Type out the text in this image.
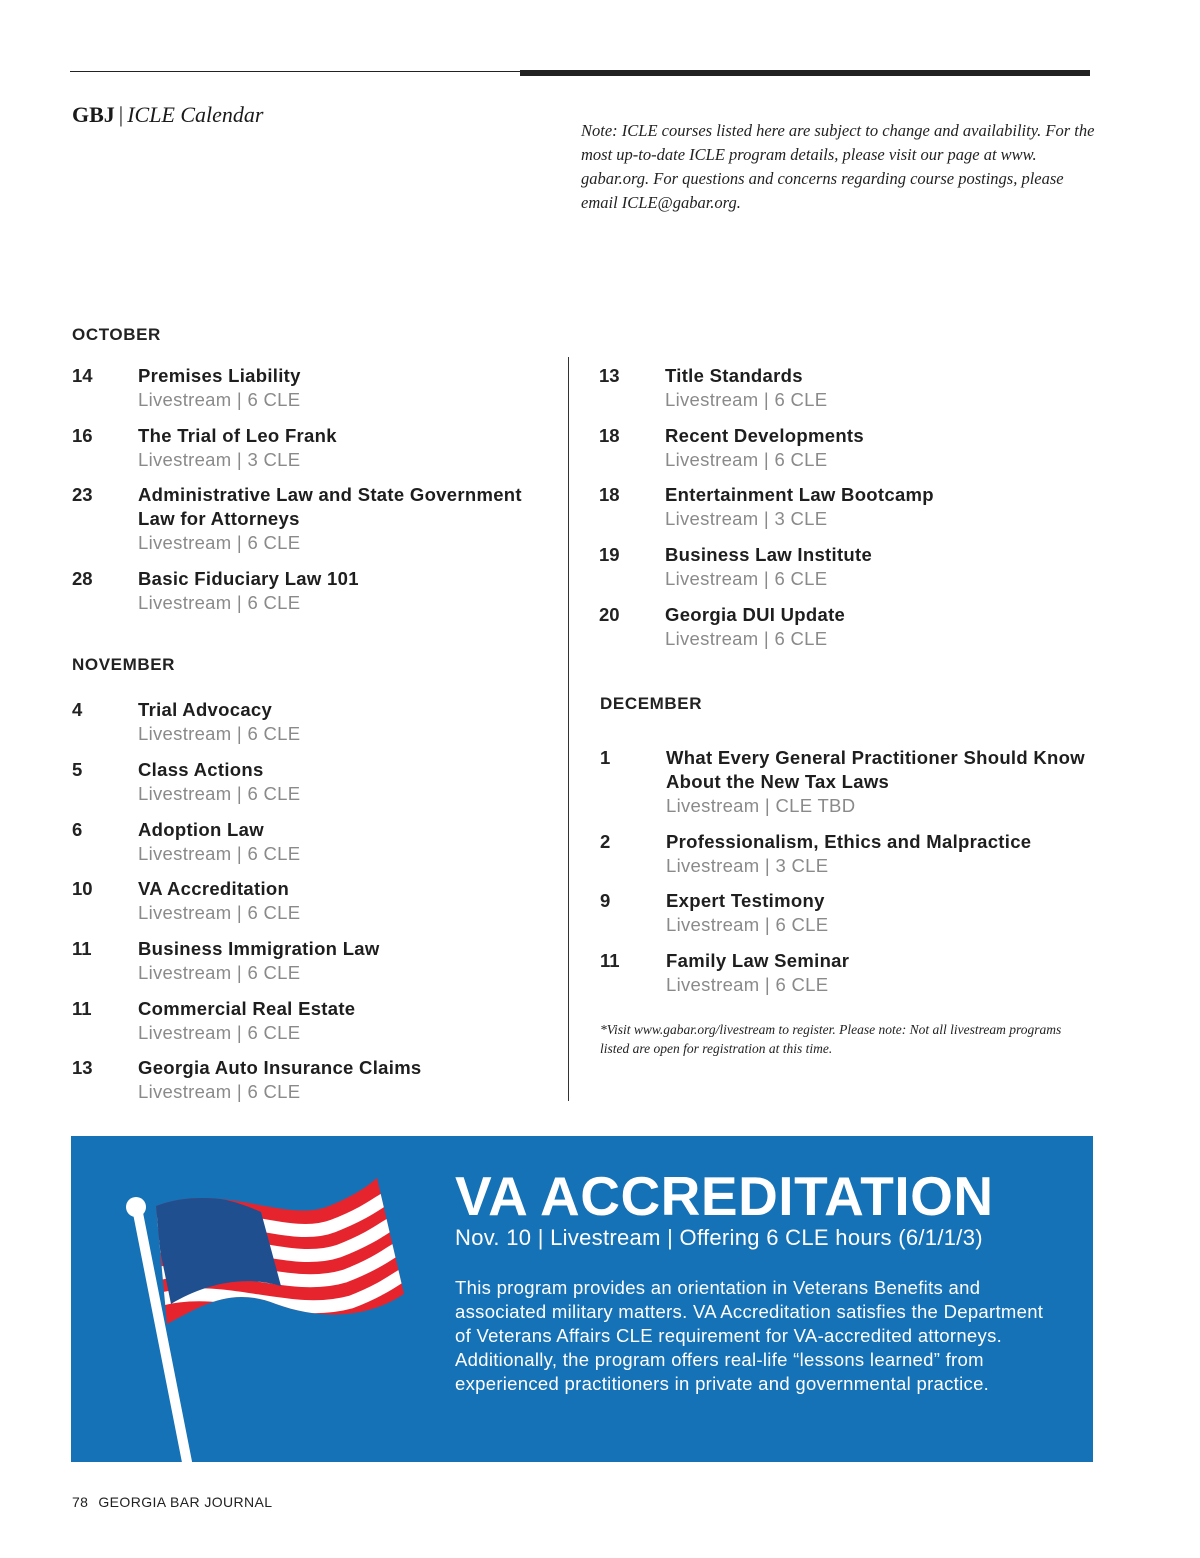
GBJ | ICLE Calendar
Note: ICLE courses listed here are subject to change and availability. For the most up-to-date ICLE program details, please visit our page at www. gabar.org. For questions and concerns regarding course postings, please email ICLE@gabar.org.
OCTOBER
14 Premises Liability
Livestream | 6 CLE
16 The Trial of Leo Frank
Livestream | 3 CLE
23 Administrative Law and State Government Law for Attorneys
Livestream | 6 CLE
28 Basic Fiduciary Law 101
Livestream | 6 CLE
NOVEMBER
4	Trial Advocacy
Livestream | 6 CLE
5	Class Actions
Livestream | 6 CLE
6	Adoption Law
Livestream | 6 CLE
10 VA Accreditation
Livestream | 6 CLE
11	Business Immigration Law
Livestream | 6 CLE
11	Commercial Real Estate
Livestream | 6 CLE
13 Georgia Auto Insurance Claims
Livestream | 6 CLE
13 Title Standards
Livestream | 6 CLE
18 Recent Developments
Livestream | 6 CLE
18 Entertainment Law Bootcamp
Livestream | 3 CLE
19 Business Law Institute
Livestream | 6 CLE
20 Georgia DUI Update
Livestream | 6 CLE
DECEMBER
1	What Every General Practitioner Should Know About the New Tax Laws
Livestream | CLE TBD
2	Professionalism, Ethics and Malpractice
Livestream | 3 CLE
9	Expert Testimony
Livestream | 6 CLE
11	Family Law Seminar
Livestream | 6 CLE
*Visit www.gabar.org/livestream to register. Please note: Not all livestream programs listed are open for registration at this time.
VA ACCREDITATION
Nov. 10 | Livestream | Offering 6 CLE hours (6/1/1/3)
This program provides an orientation in Veterans Benefits and associated military matters. VA Accreditation satisfies the Department of Veterans Affairs CLE requirement for VA-accredited attorneys. Additionally, the program offers real-life “lessons learned” from experienced practitioners in private and governmental practice.
78 GEORGIA BAR JOURNAL
